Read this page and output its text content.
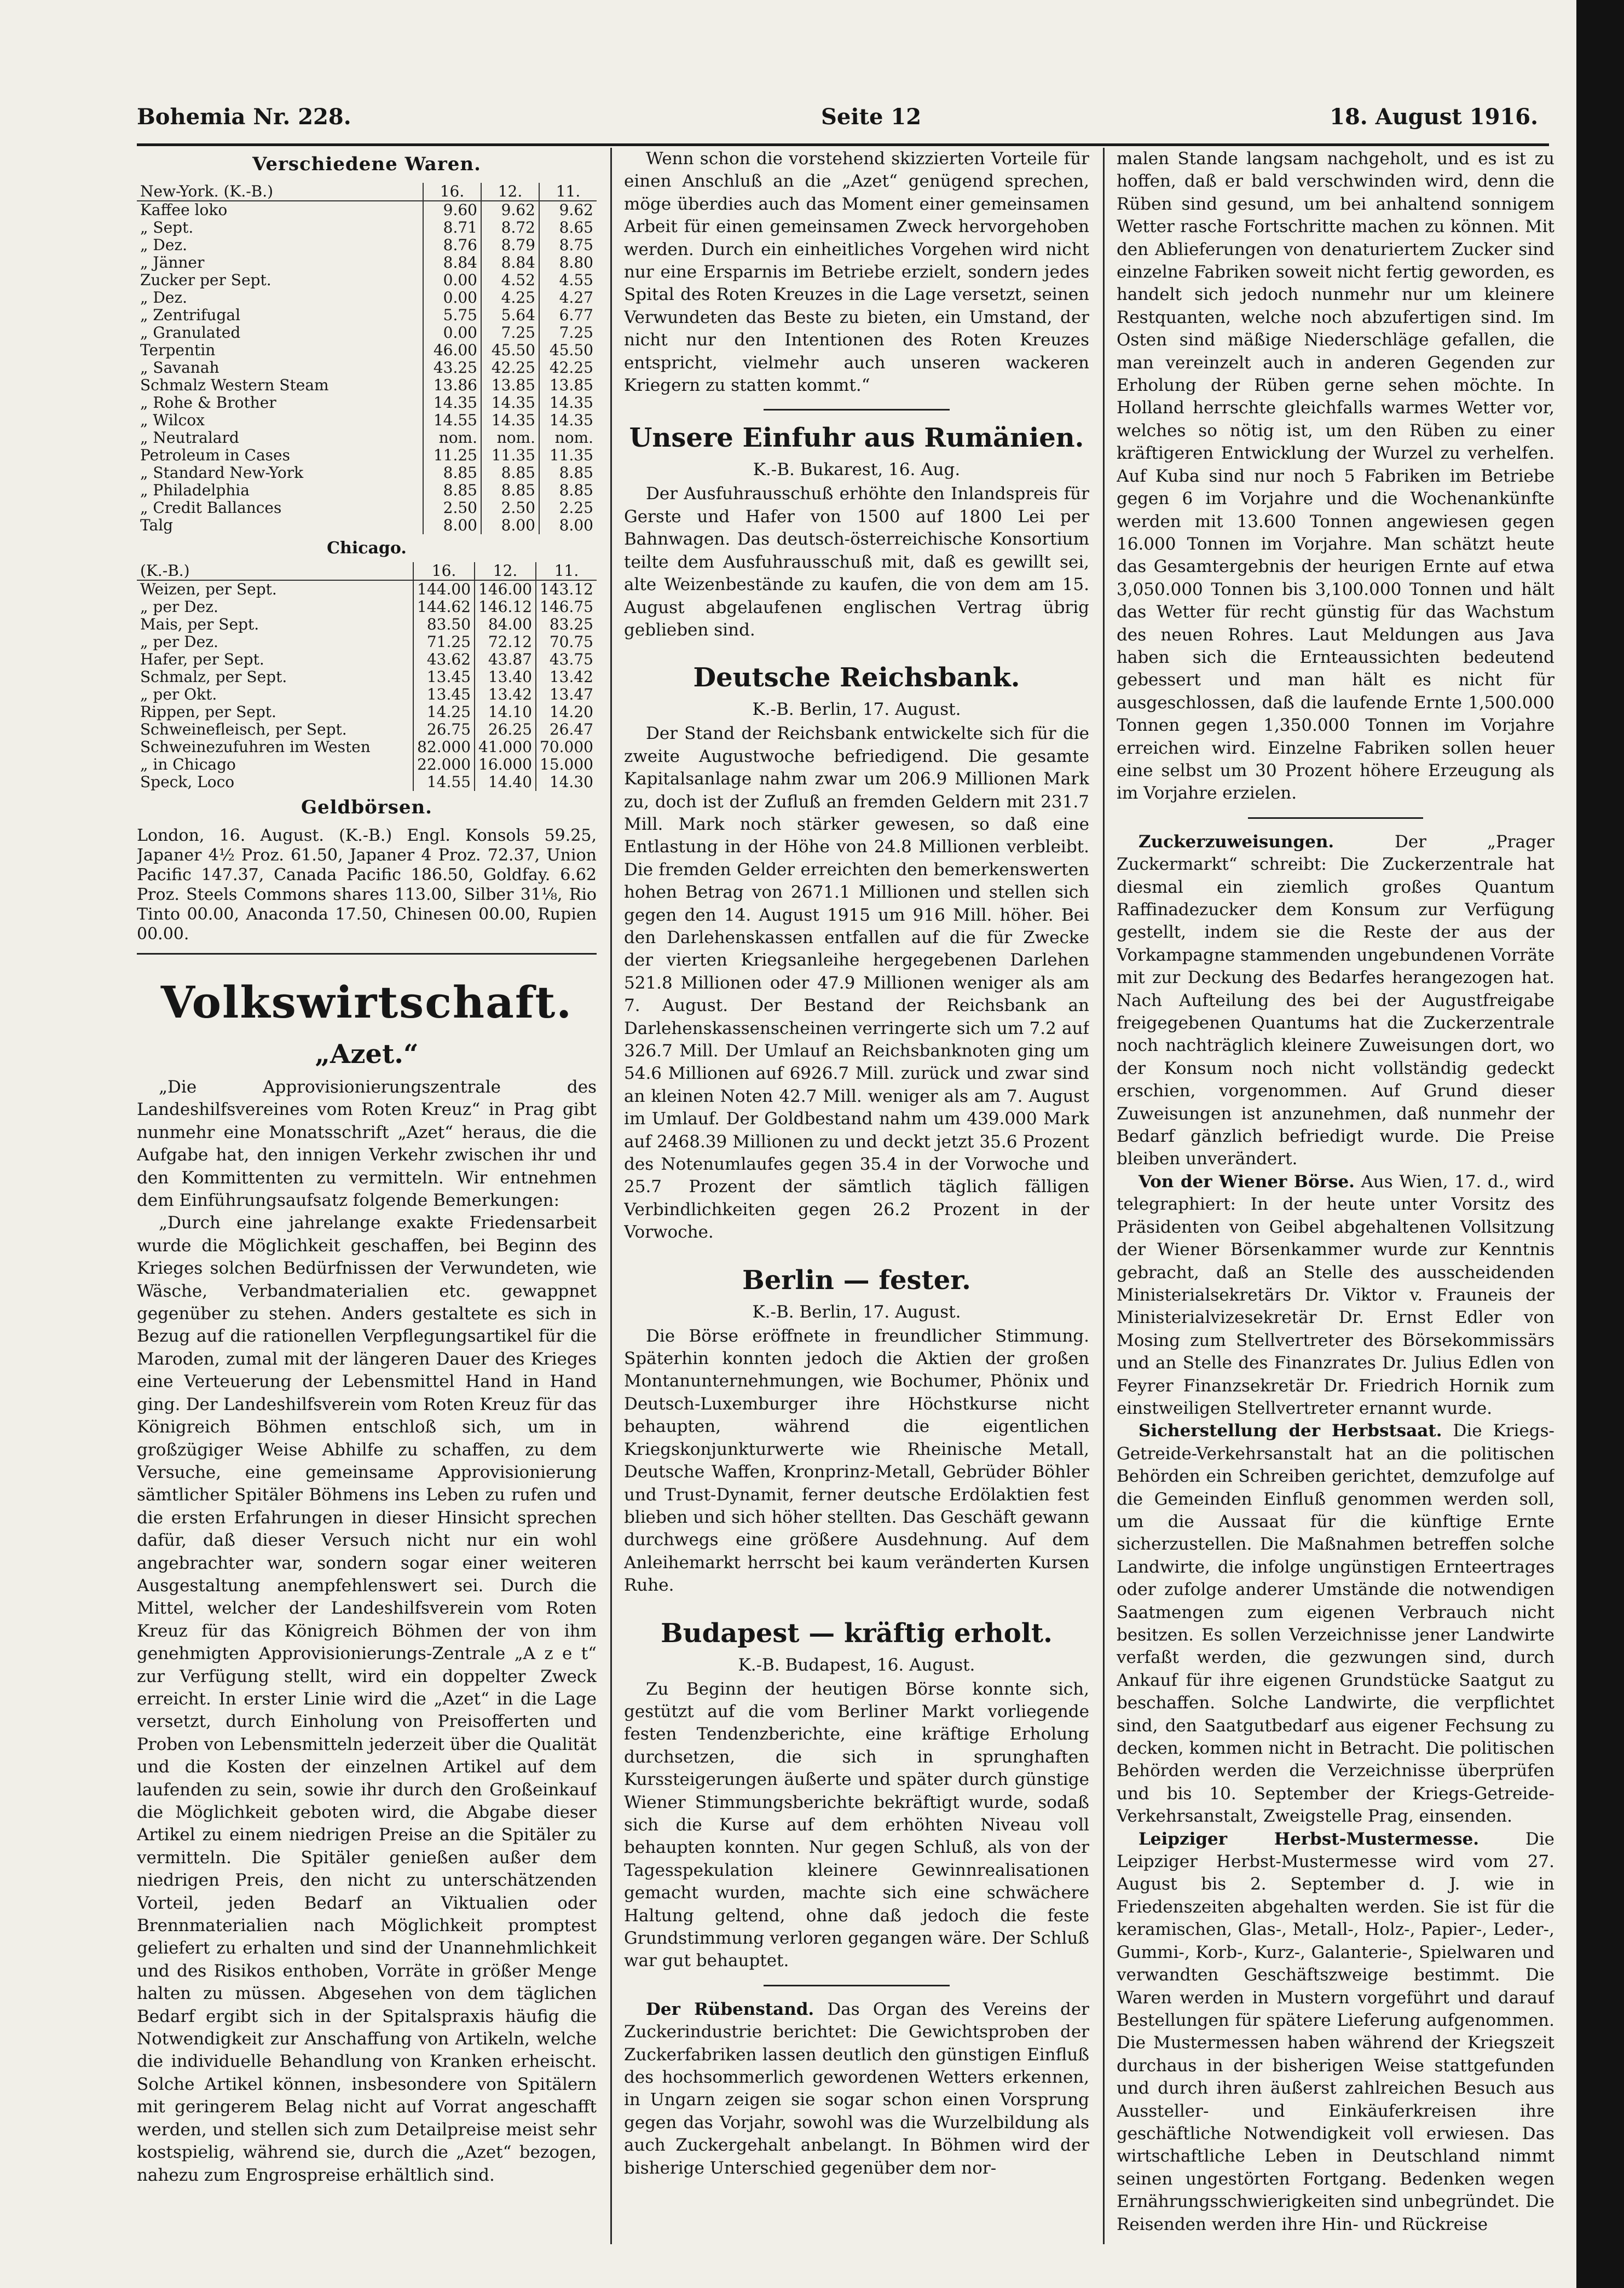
Bohemia Nr. 228.	Seite 12	18. August 1916.
Verschiedene Waren.
New-York. (K.-B.)	16.	12.	11.
Kaffee loko	9.60	9.62	9.62
„ Sept.	8.71	8.72	8.65
„ Dez.	8.76	8.79	8.75
„ Jänner	8.84	8.84	8.80
Zucker per Sept.	0.00	4.52	4.55
„ Dez.	0.00	4.25	4.27
„ Zentrifugal	5.75	5.64	6.77
„ Granulated	0.00	7.25	7.25
Terpentin	46.00	45.50	45.50
„ Savanah	43.25	42.25	42.25
Schmalz Western Steam	13.86	13.85	13.85
„ Rohe & Brother	14.35	14.35	14.35
„ Wilcox	14.55	14.35	14.35
„ Neutralard	nom.	nom.	nom.
Petroleum in Cases	11.25	11.35	11.35
„ Standard New-York	8.85	8.85	8.85
„ Philadelphia	8.85	8.85	8.85
„ Credit Ballances	2.50	2.50	2.25
Talg	8.00	8.00	8.00
Chicago.
(K.-B.)	16.	12.	11.
Weizen, per Sept.	144.00	146.00	143.12
„ per Dez.	144.62	146.12	146.75
Mais, per Sept.	83.50	84.00	83.25
„ per Dez.	71.25	72.12	70.75
Hafer, per Sept.	43.62	43.87	43.75
Schmalz, per Sept.	13.45	13.40	13.42
„ per Okt.	13.45	13.42	13.47
Rippen, per Sept.	14.25	14.10	14.20
Schweinefleisch, per Sept.	26.75	26.25	26.47
Schweinezufuhren im Westen	82.000	41.000	70.000
„ in Chicago	22.000	16.000	15.000
Speck, Loco	14.55	14.40	14.30
Geldbörsen.
London, 16. August. (K.-B.) Engl. Konsols 59.25, Japaner 4½ Proz. 61.50, Japaner 4 Proz. 72.37, Union Pacific 147.37, Canada Pacific 186.50, Goldfay. 6.62 Proz. Steels Commons shares 113.00, Silber 31⅛, Rio Tinto 00.00, Anaconda 17.50, Chinesen 00.00, Rupien 00.00.
Volkswirtschaft.
„Azet.“

„Die Approvisionierungszentrale des Landeshilfsvereines vom Roten Kreuz“ in Prag gibt nunmehr eine Monatsschrift „Azet“ heraus, die die Aufgabe hat, den innigen Verkehr zwischen ihr und den Kommittenten zu vermitteln. Wir entnehmen dem Einführungsaufsatz folgende Bemerkungen:

„Durch eine jahrelange exakte Friedensarbeit wurde die Möglichkeit geschaffen, bei Beginn des Krieges solchen Bedürfnissen der Verwundeten, wie Wäsche, Verbandmaterialien etc. gewappnet gegenüber zu stehen. Anders gestaltete es sich in Bezug auf die rationellen Verpflegungsartikel für die Maroden, zumal mit der längeren Dauer des Krieges eine Verteuerung der Lebensmittel Hand in Hand ging. Der Landeshilfsverein vom Roten Kreuz für das Königreich Böhmen entschloß sich, um in großzügiger Weise Abhilfe zu schaffen, zu dem Versuche, eine gemeinsame Approvisionierung sämtlicher Spitäler Böhmens ins Leben zu rufen und die ersten Erfahrungen in dieser Hinsicht sprechen dafür, daß dieser Versuch nicht nur ein wohl angebrachter war, sondern sogar einer weiteren Ausgestaltung anempfehlenswert sei. Durch die Mittel, welcher der Landeshilfsverein vom Roten Kreuz für das Königreich Böhmen der von ihm genehmigten Approvisionierungs-Zentrale „A z e t“ zur Verfügung stellt, wird ein doppelter Zweck erreicht. In erster Linie wird die „Azet“ in die Lage versetzt, durch Einholung von Preisofferten und Proben von Lebensmitteln jederzeit über die Qualität und die Kosten der einzelnen Artikel auf dem laufenden zu sein, sowie ihr durch den Großeinkauf die Möglichkeit geboten wird, die Abgabe dieser Artikel zu einem niedrigen Preise an die Spitäler zu vermitteln. Die Spitäler genießen außer dem niedrigen Preis, den nicht zu unterschätzenden Vorteil, jeden Bedarf an Viktualien oder Brennmaterialien nach Möglichkeit promptest geliefert zu erhalten und sind der Unannehmlichkeit und des Risikos enthoben, Vorräte in größer Menge halten zu müssen. Abgesehen von dem täglichen Bedarf ergibt sich in der Spitalspraxis häufig die Notwendigkeit zur Anschaffung von Artikeln, welche die individuelle Behandlung von Kranken erheischt. Solche Artikel können, insbesondere von Spitälern mit geringerem Belag nicht auf Vorrat angeschafft werden, und stellen sich zum Detailpreise meist sehr kostspielig, während sie, durch die „Azet“ bezogen, nahezu zum Engrospreise erhältlich sind.

Wenn schon die vorstehend skizzierten Vorteile für einen Anschluß an die „Azet“ genügend sprechen, möge überdies auch das Moment einer gemeinsamen Arbeit für einen gemeinsamen Zweck hervorgehoben werden. Durch ein einheitliches Vorgehen wird nicht nur eine Ersparnis im Betriebe erzielt, sondern jedes Spital des Roten Kreuzes in die Lage versetzt, seinen Verwundeten das Beste zu bieten, ein Umstand, der nicht nur den Intentionen des Roten Kreuzes entspricht, vielmehr auch unseren wackeren Kriegern zu statten kommt.“

Unsere Einfuhr aus Rumänien.
K.-B. Bukarest, 16. Aug.

Der Ausfuhrausschuß erhöhte den Inlandspreis für Gerste und Hafer von 1500 auf 1800 Lei per Bahnwagen. Das deutsch-österreichische Konsortium teilte dem Ausfuhrausschuß mit, daß es gewillt sei, alte Weizenbestände zu kaufen, die von dem am 15. August abgelaufenen englischen Vertrag übrig geblieben sind.

Deutsche Reichsbank.
K.-B. Berlin, 17. August.

Der Stand der Reichsbank entwickelte sich für die zweite Augustwoche befriedigend. Die gesamte Kapitalsanlage nahm zwar um 206.9 Millionen Mark zu, doch ist der Zufluß an fremden Geldern mit 231.7 Mill. Mark noch stärker gewesen, so daß eine Entlastung in der Höhe von 24.8 Millionen verbleibt. Die fremden Gelder erreichten den bemerkenswerten hohen Betrag von 2671.1 Millionen und stellen sich gegen den 14. August 1915 um 916 Mill. höher. Bei den Darlehenskassen entfallen auf die für Zwecke der vierten Kriegsanleihe hergegebenen Darlehen 521.8 Millionen oder 47.9 Millionen weniger als am 7. August. Der Bestand der Reichsbank an Darlehenskassenscheinen verringerte sich um 7.2 auf 326.7 Mill. Der Umlauf an Reichsbanknoten ging um 54.6 Millionen auf 6926.7 Mill. zurück und zwar sind an kleinen Noten 42.7 Mill. weniger als am 7. August im Umlauf. Der Goldbestand nahm um 439.000 Mark auf 2468.39 Millionen zu und deckt jetzt 35.6 Prozent des Notenumlaufes gegen 35.4 in der Vorwoche und 25.7 Prozent der sämtlich täglich fälligen Verbindlichkeiten gegen 26.2 Prozent in der Vorwoche.

Berlin — fester.
K.-B. Berlin, 17. August.

Die Börse eröffnete in freundlicher Stimmung. Späterhin konnten jedoch die Aktien der großen Montanunternehmungen, wie Bochumer, Phönix und Deutsch-Luxemburger ihre Höchstkurse nicht behaupten, während die eigentlichen Kriegskonjunkturwerte wie Rheinische Metall, Deutsche Waffen, Kronprinz-Metall, Gebrüder Böhler und Trust-Dynamit, ferner deutsche Erdölaktien fest blieben und sich höher stellten. Das Geschäft gewann durchwegs eine größere Ausdehnung. Auf dem Anleihemarkt herrscht bei kaum veränderten Kursen Ruhe.

Budapest — kräftig erholt.
K.-B. Budapest, 16. August.

Zu Beginn der heutigen Börse konnte sich, gestützt auf die vom Berliner Markt vorliegende festen Tendenzberichte, eine kräftige Erholung durchsetzen, die sich in sprunghaften Kurssteigerungen äußerte und später durch günstige Wiener Stimmungsberichte bekräftigt wurde, sodaß sich die Kurse auf dem erhöhten Niveau voll behaupten konnten. Nur gegen Schluß, als von der Tagesspekulation kleinere Gewinnrealisationen gemacht wurden, machte sich eine schwächere Haltung geltend, ohne daß jedoch die feste Grundstimmung verloren gegangen wäre. Der Schluß war gut behauptet.

Der Rübenstand. Das Organ des Vereins der Zuckerindustrie berichtet: Die Gewichtsproben der Zuckerfabriken lassen deutlich den günstigen Einfluß des hochsommerlich gewordenen Wetters erkennen, in Ungarn zeigen sie sogar schon einen Vorsprung gegen das Vorjahr, sowohl was die Wurzelbildung als auch Zuckergehalt anbelangt. In Böhmen wird der bisherige Unterschied gegenüber dem nor-

malen Stande langsam nachgeholt, und es ist zu hoffen, daß er bald verschwinden wird, denn die Rüben sind gesund, um bei anhaltend sonnigem Wetter rasche Fortschritte machen zu können. Mit den Ablieferungen von denaturiertem Zucker sind einzelne Fabriken soweit nicht fertig geworden, es handelt sich jedoch nunmehr nur um kleinere Restquanten, welche noch abzufertigen sind. Im Osten sind mäßige Niederschläge gefallen, die man vereinzelt auch in anderen Gegenden zur Erholung der Rüben gerne sehen möchte. In Holland herrschte gleichfalls warmes Wetter vor, welches so nötig ist, um den Rüben zu einer kräftigeren Entwicklung der Wurzel zu verhelfen. Auf Kuba sind nur noch 5 Fabriken im Betriebe gegen 6 im Vorjahre und die Wochenankünfte werden mit 13.600 Tonnen angewiesen gegen 16.000 Tonnen im Vorjahre. Man schätzt heute das Gesamtergebnis der heurigen Ernte auf etwa 3,050.000 Tonnen bis 3,100.000 Tonnen und hält das Wetter für recht günstig für das Wachstum des neuen Rohres. Laut Meldungen aus Java haben sich die Ernteaussichten bedeutend gebessert und man hält es nicht für ausgeschlossen, daß die laufende Ernte 1,500.000 Tonnen gegen 1,350.000 Tonnen im Vorjahre erreichen wird. Einzelne Fabriken sollen heuer eine selbst um 30 Prozent höhere Erzeugung als im Vorjahre erzielen.

Zuckerzuweisungen.	Der „Prager Zuckermarkt“ schreibt: Die Zuckerzentrale hat diesmal ein ziemlich großes Quantum Raffinadezucker dem Konsum zur Verfügung gestellt, indem sie die Reste der aus der Vorkampagne stammenden ungebundenen Vorräte mit zur Deckung des Bedarfes herangezogen hat. Nach Aufteilung des bei der Augustfreigabe freigegebenen Quantums hat die Zuckerzentrale noch nachträglich kleinere Zuweisungen dort, wo der Konsum noch nicht vollständig gedeckt erschien, vorgenommen. Auf Grund dieser Zuweisungen ist anzunehmen, daß nunmehr der Bedarf gänzlich befriedigt wurde. Die Preise bleiben unverändert.

Von der Wiener Börse. Aus Wien, 17. d., wird telegraphiert: In der heute unter Vorsitz des Präsidenten von Geibel abgehaltenen Vollsitzung der Wiener Börsenkammer wurde zur Kenntnis gebracht, daß an Stelle des ausscheidenden Ministerialsekretärs Dr. Viktor v. Frauneis der Ministerialvizesekretär Dr. Ernst Edler von Mosing zum Stellvertreter des Börsekommissärs und an Stelle des Finanzrates Dr. Julius Edlen von Feyrer Finanzsekretär Dr. Friedrich Hornik zum einstweiligen Stellvertreter ernannt wurde.

Sicherstellung der Herbstsaat. Die Kriegs-Getreide-Verkehrsanstalt hat an die politischen Behörden ein Schreiben gerichtet, demzufolge auf die Gemeinden Einfluß genommen werden soll, um die Aussaat für die künftige Ernte sicherzustellen. Die Maßnahmen betreffen solche Landwirte, die infolge ungünstigen Ernteertrages oder zufolge anderer Umstände die notwendigen Saatmengen zum eigenen Verbrauch nicht besitzen. Es sollen Verzeichnisse jener Landwirte verfaßt werden, die gezwungen sind, durch Ankauf für ihre eigenen Grundstücke Saatgut zu beschaffen. Solche Landwirte, die verpflichtet sind, den Saatgutbedarf aus eigener Fechsung zu decken, kommen nicht in Betracht. Die politischen Behörden werden die Verzeichnisse überprüfen und bis 10. September der Kriegs-Getreide-Verkehrsanstalt, Zweigstelle Prag, einsenden.

Leipziger Herbst-Mustermesse.	Die Leipziger Herbst-Mustermesse wird vom 27. August bis 2. September d. J. wie in Friedenszeiten abgehalten werden. Sie ist für die keramischen, Glas-, Metall-, Holz-, Papier-, Leder-, Gummi-, Korb-, Kurz-, Galanterie-, Spielwaren und verwandten Geschäftszweige bestimmt. Die Waren werden in Mustern vorgeführt und darauf Bestellungen für spätere Lieferung aufgenommen. Die Mustermessen haben während der Kriegszeit durchaus in der bisherigen Weise stattgefunden und durch ihren äußerst zahlreichen Besuch aus Aussteller- und Einkäuferkreisen ihre geschäftliche Notwendigkeit voll erwiesen. Das wirtschaftliche Leben in Deutschland nimmt seinen ungestörten Fortgang. Bedenken wegen Ernährungsschwierigkeiten sind unbegründet. Die Reisenden werden ihre Hin- und Rückreise
